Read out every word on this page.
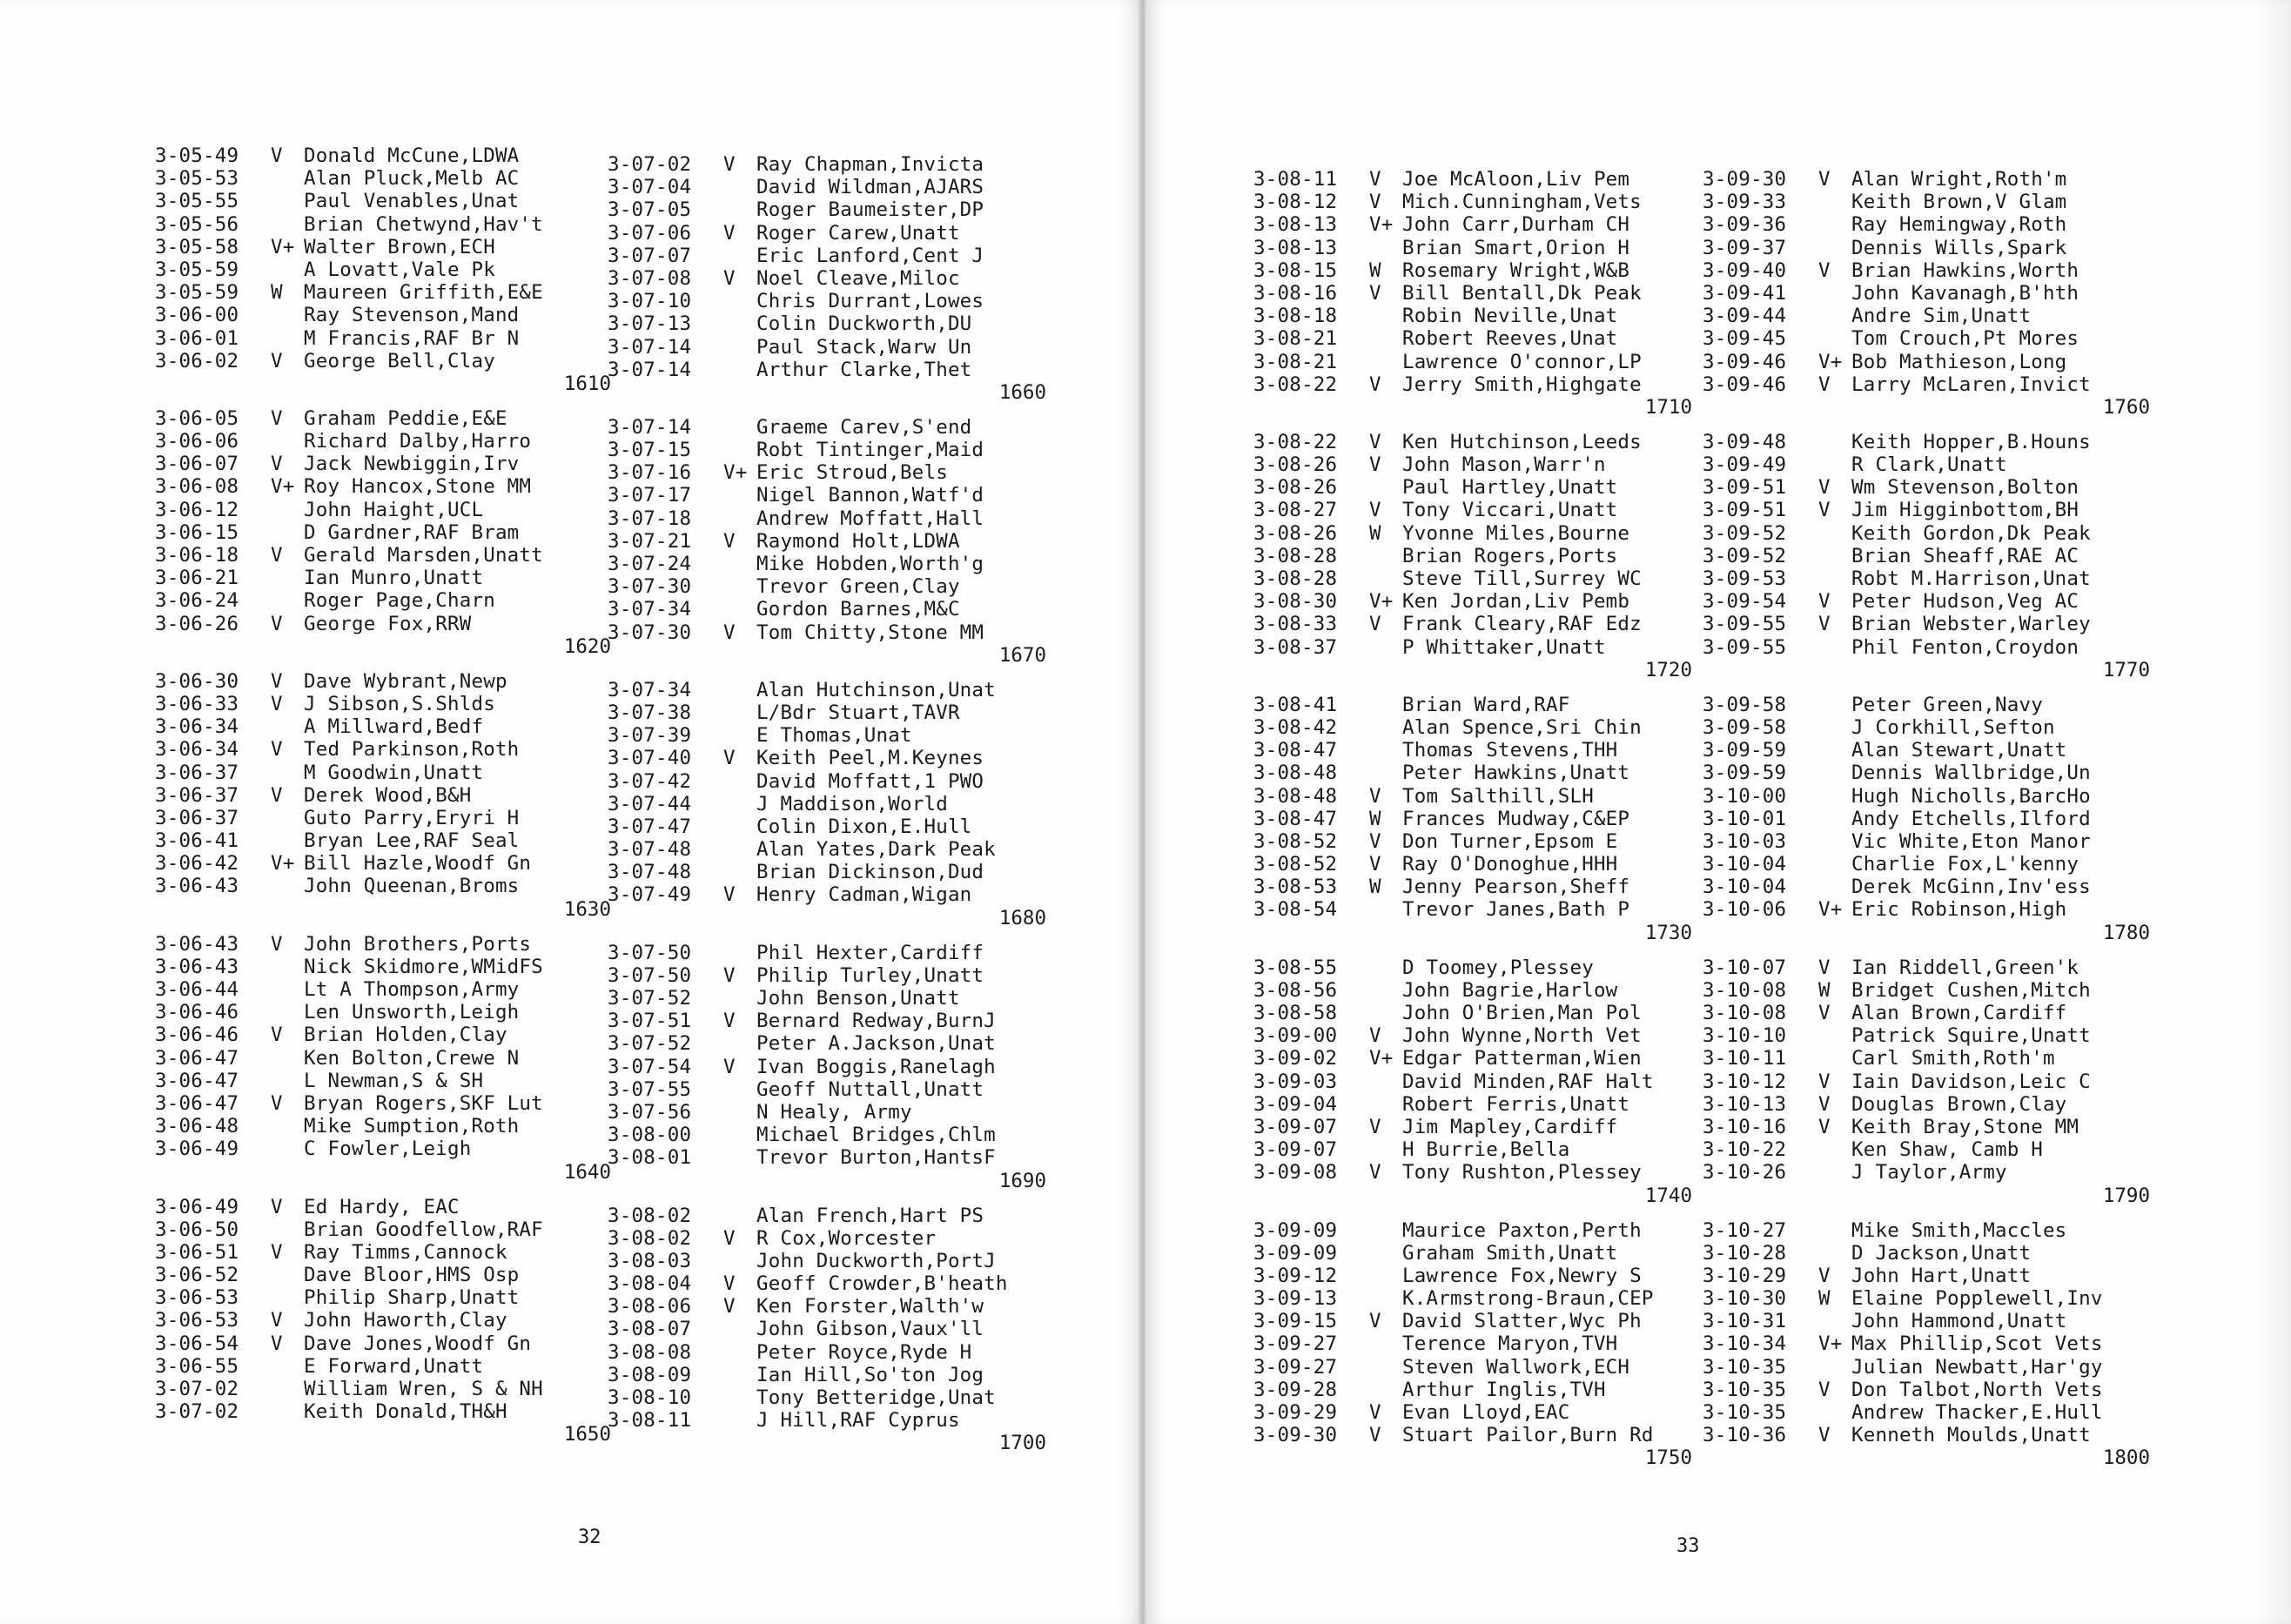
3-05-49	V	Donald McCune,LDWA
3-05-53	Alan Pluck,Melb AC
3-05-55	Paul Venables,Unat
3-05-56	Brian Chetwynd,Hav't
3-05-58	V+ Walter Brown,ECH
3-05-59	A Lovatt,Vale Pk
3-05-59	W	Maureen Griffith,E&E
3-06-00	Ray Stevenson,Mand
3-06-01	M Francis,RAF Br N
3-06-02	V	George Bell,Clay
1610
3-06-05	V	Graham Peddie,E&E
3-06-06	Richard Dalby,Harro
3-06-07	V	Jack Newbiggin,Irv
3-06-08	V+ Roy Hancox,Stone MM
3-06-12	John Haight,UCL
3-06-15	D Gardner,RAF Bram
3-06-18	V	Gerald Marsden,Unatt
3-06-21	Ian Munro,Unatt
3-06-24	Roger Page,Charn
3-06-26	V	George Fox,RRW
1620
3-06-30	V	Dave Wybrant,Newp
3-06-33	V	J Sibson,S.Shlds
3-06-34	A Millward,Bedf
3-06-34	V	Ted Parkinson,Roth
3-06-37	M Goodwin,Unatt
3-06-37	V	Derek Wood,B&H
3-06-37	Guto Parry,Eryri H
3-06-41	Bryan Lee,RAF Seal
3-06-42	V+ Bill Hazle,Woodf Gn
3-06-43	John Queenan,Broms
1630
3-06-43	V	John Brothers,Ports
3-06-43	Nick Skidmore,WMidFS
3-06-44	Lt A Thompson,Army
3-06-46	Len Unsworth,Leigh
3-06-46	V	Brian Holden,Clay
3-06-47	Ken Bolton,Crewe N
3-06-47	L Newman,S & SH
3-06-47	V	Bryan Rogers,SKF Lut
3-06-48	Mike Sumption,Roth
3-06-49	C Fowler,Leigh
1640
3-06-49	V	Ed Hardy, EAC
3-06-50	Brian Goodfellow,RAF
3-06-51	V	Ray Timms,Cannock
3-06-52	Dave Bloor,HMS Osp
3-06-53	Philip Sharp,Unatt
3-06-53	V	John Haworth,Clay
3-06-54	V	Dave Jones,Woodf Gn
3-06-55	E Forward,Unatt
3-07-02	William Wren, S & NH
3-07-02	Keith Donald,TH&H
1650
3-07-02	V	Ray Chapman,Invicta
3-07-04	David Wildman,AJARS
3-07-05	Roger Baumeister,DP
3-07-06	V	Roger Carew,Unatt
3-07-07	Eric Lanford,Cent J
3-07-08	V	Noel Cleave,Miloc
3-07-10	Chris Durrant,Lowes
3-07-13	Colin Duckworth,DU
3-07-14	Paul Stack,Warw Un
3-07-14	Arthur Clarke,Thet
1660
3-07-14	Graeme Carev,S'end
3-07-15	Robt Tintinger,Maid
3-07-16	V+ Eric Stroud,Bels
3-07-17	Nigel Bannon,Watf'd
3-07-18	Andrew Moffatt,Hall
3-07-21	V	Raymond Holt,LDWA
3-07-24	Mike Hobden,Worth'g
3-07-30	Trevor Green,Clay
3-07-34	Gordon Barnes,M&C
3-07-30	V	Tom Chitty,Stone MM
1670
3-07-34	Alan Hutchinson,Unat
3-07-38	L/Bdr Stuart,TAVR
3-07-39	E Thomas,Unat
3-07-40	V	Keith Peel,M.Keynes
3-07-42	David Moffatt,1 PWO
3-07-44	J Maddison,World
3-07-47	Colin Dixon,E.Hull
3-07-48	Alan Yates,Dark Peak
3-07-48	Brian Dickinson,Dud
3-07-49	V	Henry Cadman,Wigan
1680
3-07-50	Phil Hexter,Cardiff
3-07-50	V	Philip Turley,Unatt
3-07-52	John Benson,Unatt
3-07-51	V	Bernard Redway,BurnJ
3-07-52	Peter A.Jackson,Unat
3-07-54	V	Ivan Boggis,Ranelagh
3-07-55	Geoff Nuttall,Unatt
3-07-56	N Healy, Army
3-08-00	Michael Bridges,Chlm
3-08-01	Trevor Burton,HantsF
1690
3-08-02	Alan French,Hart PS
3-08-02	V	R Cox,Worcester
3-08-03	John Duckworth,PortJ
3-08-04	V	Geoff Crowder,B'heath
3-08-06	V	Ken Forster,Walth'w
3-08-07	John Gibson,Vaux'll
3-08-08	Peter Royce,Ryde H
3-08-09	Ian Hill,So'ton Jog
3-08-10	Tony Betteridge,Unat
3-08-11	J Hill,RAF Cyprus
1700
32
3-08-11	V	Joe McAloon,Liv Pem
3-08-12	V	Mich.Cunningham,Vets
3-08-13	V+ John Carr,Durham CH
3-08-13	Brian Smart,Orion H
3-08-15	W	Rosemary Wright,W&B
3-08-16	V	Bill Bentall,Dk Peak
3-08-18	Robin Neville,Unat
3-08-21	Robert Reeves,Unat
3-08-21	Lawrence O'connor,LP
3-08-22	V	Jerry Smith,Highgate
1710
3-08-22	V	Ken Hutchinson,Leeds
3-08-26	V	John Mason,Warr'n
3-08-26	Paul Hartley,Unatt
3-08-27	V	Tony Viccari,Unatt
3-08-26	W	Yvonne Miles,Bourne
3-08-28	Brian Rogers,Ports
3-08-28	Steve Till,Surrey WC
3-08-30	V+ Ken Jordan,Liv Pemb
3-08-33	V	Frank Cleary,RAF Edz
3-08-37	P Whittaker,Unatt
1720
3-08-41	Brian Ward,RAF
3-08-42	Alan Spence,Sri Chin
3-08-47	Thomas Stevens,THH
3-08-48	Peter Hawkins,Unatt
3-08-48	V	Tom Salthill,SLH
3-08-47	W	Frances Mudway,C&EP
3-08-52	V	Don Turner,Epsom E
3-08-52	V	Ray O'Donoghue,HHH
3-08-53	W	Jenny Pearson,Sheff
3-08-54	Trevor Janes,Bath P
1730
3-08-55	D Toomey,Plessey
3-08-56	John Bagrie,Harlow
3-08-58	John O'Brien,Man Pol
3-09-00	V	John Wynne,North Vet
3-09-02	V+ Edgar Patterman,Wien
3-09-03	David Minden,RAF Halt
3-09-04	Robert Ferris,Unatt
3-09-07	V	Jim Mapley,Cardiff
3-09-07	H Burrie,Bella
3-09-08	V	Tony Rushton,Plessey
1740
3-09-09	Maurice Paxton,Perth
3-09-09	Graham Smith,Unatt
3-09-12	Lawrence Fox,Newry S
3-09-13	K.Armstrong-Braun,CEP
3-09-15	V	David Slatter,Wyc Ph
3-09-27	Terence Maryon,TVH
3-09-27	Steven Wallwork,ECH
3-09-28	Arthur Inglis,TVH
3-09-29	V	Evan Lloyd,EAC
3-09-30	V	Stuart Pailor,Burn Rd
1750
3-09-30	V	Alan Wright,Roth'm
3-09-33	Keith Brown,V Glam
3-09-36	Ray Hemingway,Roth
3-09-37	Dennis Wills,Spark
3-09-40	V	Brian Hawkins,Worth
3-09-41	John Kavanagh,B'hth
3-09-44	Andre Sim,Unatt
3-09-45	Tom Crouch,Pt Mores
3-09-46	V+ Bob Mathieson,Long
3-09-46	V	Larry McLaren,Invict
1760
3-09-48	Keith Hopper,B.Houns
3-09-49	R Clark,Unatt
3-09-51	V	Wm Stevenson,Bolton
3-09-51	V	Jim Higginbottom,BH
3-09-52	Keith Gordon,Dk Peak
3-09-52	Brian Sheaff,RAE AC
3-09-53	Robt M.Harrison,Unat
3-09-54	V	Peter Hudson,Veg AC
3-09-55	V	Brian Webster,Warley
3-09-55	Phil Fenton,Croydon
1770
3-09-58	Peter Green,Navy
3-09-58	J Corkhill,Sefton
3-09-59	Alan Stewart,Unatt
3-09-59	Dennis Wallbridge,Un
3-10-00	Hugh Nicholls,BarcHo
3-10-01	Andy Etchells,Ilford
3-10-03	Vic White,Eton Manor
3-10-04	Charlie Fox,L'kenny
3-10-04	Derek McGinn,Inv'ess
3-10-06	V+ Eric Robinson,High
1780
3-10-07	V	Ian Riddell,Green'k
3-10-08	W	Bridget Cushen,Mitch
3-10-08	V	Alan Brown,Cardiff
3-10-10	Patrick Squire,Unatt
3-10-11	Carl Smith,Roth'm
3-10-12	V	Iain Davidson,Leic C
3-10-13	V	Douglas Brown,Clay
3-10-16	V	Keith Bray,Stone MM
3-10-22	Ken Shaw, Camb H
3-10-26	J Taylor,Army
1790
3-10-27	Mike Smith,Maccles
3-10-28	D Jackson,Unatt
3-10-29	V	John Hart,Unatt
3-10-30	W	Elaine Popplewell,Inv
3-10-31	John Hammond,Unatt
3-10-34	V+ Max Phillip,Scot Vets
3-10-35	Julian Newbatt,Har'gy
3-10-35	V	Don Talbot,North Vets
3-10-35	Andrew Thacker,E.Hull
3-10-36	V	Kenneth Moulds,Unatt
1800
33
